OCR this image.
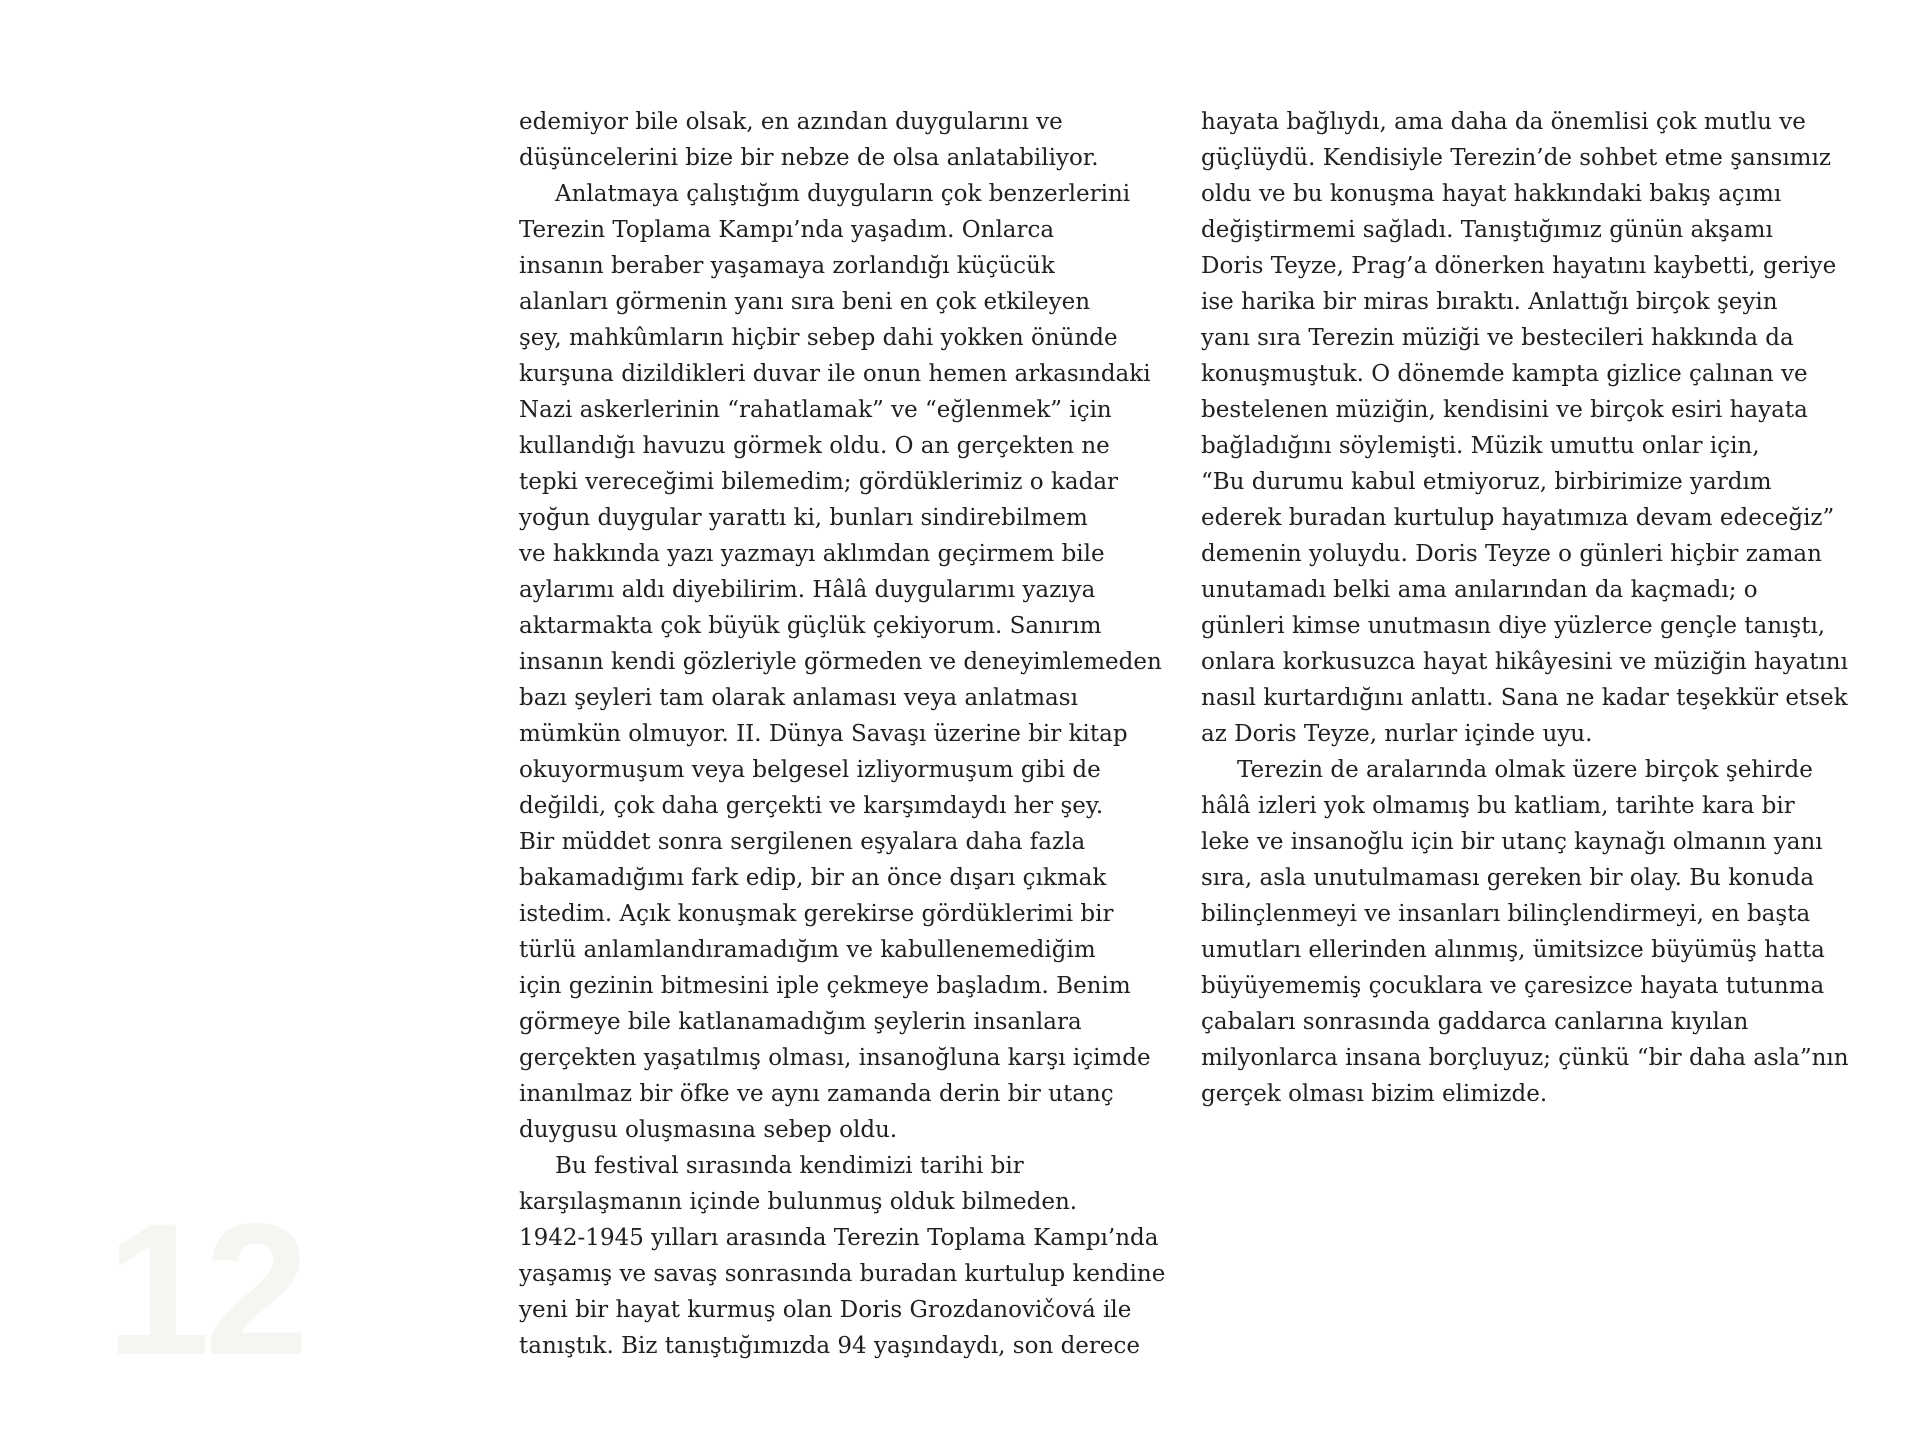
12
edemiyor bile olsak, en azından duygularını ve
düşüncelerini bize bir nebze de olsa anlatabiliyor.
Anlatmaya çalıştığım duyguların çok benzerlerini
Terezin Toplama Kampı’nda yaşadım. Onlarca
insanın beraber yaşamaya zorlandığı küçücük
alanları görmenin yanı sıra beni en çok etkileyen
şey, mahkûmların hiçbir sebep dahi yokken önünde
kurşuna dizildikleri duvar ile onun hemen arkasındaki
Nazi askerlerinin “rahatlamak” ve “eğlenmek” için
kullandığı havuzu görmek oldu. O an gerçekten ne
tepki vereceğimi bilemedim; gördüklerimiz o kadar
yoğun duygular yarattı ki, bunları sindirebilmem
ve hakkında yazı yazmayı aklımdan geçirmem bile
aylarımı aldı diyebilirim. Hâlâ duygularımı yazıya
aktarmakta çok büyük güçlük çekiyorum. Sanırım
insanın kendi gözleriyle görmeden ve deneyimlemeden
bazı şeyleri tam olarak anlaması veya anlatması
mümkün olmuyor. II. Dünya Savaşı üzerine bir kitap
okuyormuşum veya belgesel izliyormuşum gibi de
değildi, çok daha gerçekti ve karşımdaydı her şey.
Bir müddet sonra sergilenen eşyalara daha fazla
bakamadığımı fark edip, bir an önce dışarı çıkmak
istedim. Açık konuşmak gerekirse gördüklerimi bir
türlü anlamlandıramadığım ve kabullenemediğim
için gezinin bitmesini iple çekmeye başladım. Benim
görmeye bile katlanamadığım şeylerin insanlara
gerçekten yaşatılmış olması, insanoğluna karşı içimde
inanılmaz bir öfke ve aynı zamanda derin bir utanç
duygusu oluşmasına sebep oldu.
Bu festival sırasında kendimizi tarihi bir
karşılaşmanın içinde bulunmuş olduk bilmeden.
1942-1945 yılları arasında Terezin Toplama Kampı’nda
yaşamış ve savaş sonrasında buradan kurtulup kendine
yeni bir hayat kurmuş olan Doris Grozdanovičová ile
tanıştık. Biz tanıştığımızda 94 yaşındaydı, son derece
hayata bağlıydı, ama daha da önemlisi çok mutlu ve
güçlüydü. Kendisiyle Terezin’de sohbet etme şansımız
oldu ve bu konuşma hayat hakkındaki bakış açımı
değiştirmemi sağladı. Tanıştığımız günün akşamı
Doris Teyze, Prag’a dönerken hayatını kaybetti, geriye
ise harika bir miras bıraktı. Anlattığı birçok şeyin
yanı sıra Terezin müziği ve bestecileri hakkında da
konuşmuştuk. O dönemde kampta gizlice çalınan ve
bestelenen müziğin, kendisini ve birçok esiri hayata
bağladığını söylemişti. Müzik umuttu onlar için,
“Bu durumu kabul etmiyoruz, birbirimize yardım
ederek buradan kurtulup hayatımıza devam edeceğiz”
demenin yoluydu. Doris Teyze o günleri hiçbir zaman
unutamadı belki ama anılarından da kaçmadı; o
günleri kimse unutmasın diye yüzlerce gençle tanıştı,
onlara korkusuzca hayat hikâyesini ve müziğin hayatını
nasıl kurtardığını anlattı. Sana ne kadar teşekkür etsek
az Doris Teyze, nurlar içinde uyu.
Terezin de aralarında olmak üzere birçok şehirde
hâlâ izleri yok olmamış bu katliam, tarihte kara bir
leke ve insanoğlu için bir utanç kaynağı olmanın yanı
sıra, asla unutulmaması gereken bir olay. Bu konuda
bilinçlenmeyi ve insanları bilinçlendirmeyi, en başta
umutları ellerinden alınmış, ümitsizce büyümüş hatta
büyüyememiş çocuklara ve çaresizce hayata tutunma
çabaları sonrasında gaddarca canlarına kıyılan
milyonlarca insana borçluyuz; çünkü “bir daha asla”nın
gerçek olması bizim elimizde.
